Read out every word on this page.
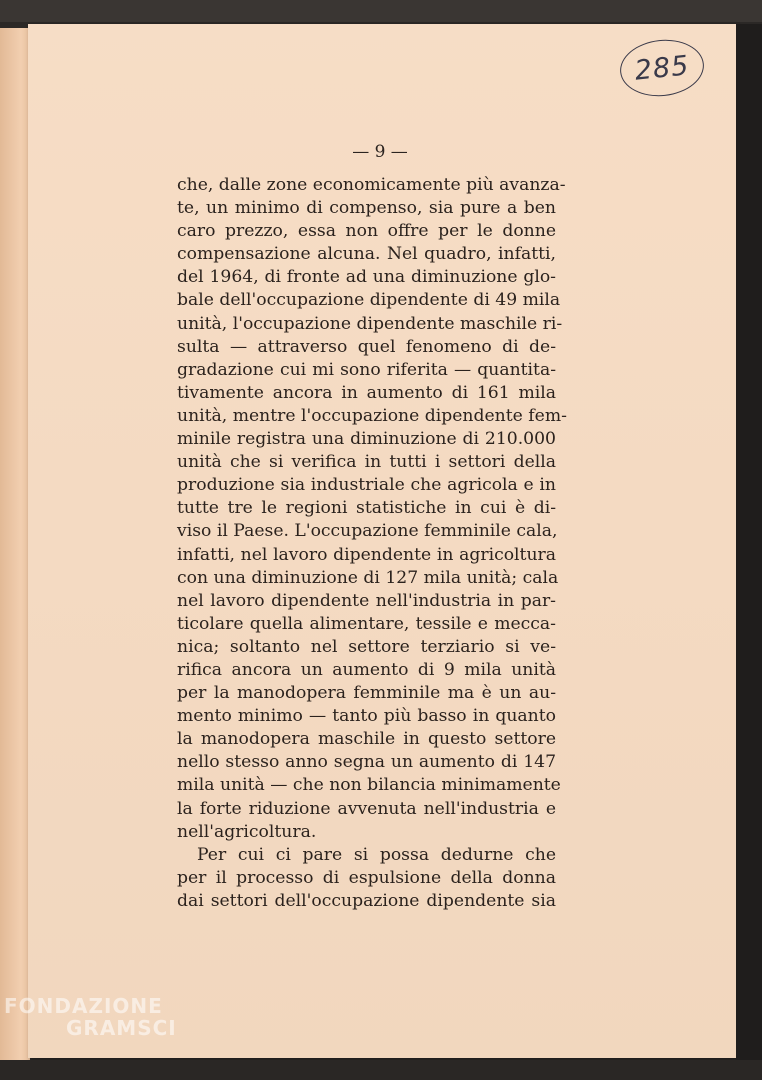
285
— 9 —

che, dalle zone economicamente più avanza-
te, un minimo di compenso, sia pure a ben
caro prezzo, essa non offre per le donne
compensazione alcuna. Nel quadro, infatti,
del 1964, di fronte ad una diminuzione glo-
bale dell'occupazione dipendente di 49 mila
unità, l'occupazione dipendente maschile ri-
sulta — attraverso quel fenomeno di de-
gradazione cui mi sono riferita — quantita-
tivamente ancora in aumento di 161 mila
unità, mentre l'occupazione dipendente fem-
minile registra una diminuzione di 210.000
unità che si verifica in tutti i settori della
produzione sia industriale che agricola e in
tutte tre le regioni statistiche in cui è di-
viso il Paese. L'occupazione femminile cala,
infatti, nel lavoro dipendente in agricoltura
con una diminuzione di 127 mila unità; cala
nel lavoro dipendente nell'industria in par-
ticolare quella alimentare, tessile e mecca-
nica; soltanto nel settore terziario si ve-
rifica ancora un aumento di 9 mila unità
per la manodopera femminile ma è un au-
mento minimo — tanto più basso in quanto
la manodopera maschile in questo settore
nello stesso anno segna un aumento di 147
mila unità — che non bilancia minimamente
la forte riduzione avvenuta nell'industria e
nell'agricoltura.

Per cui ci pare si possa dedurne che
per il processo di espulsione della donna
dai settori dell'occupazione dipendente sia

FONDAZIONE
GRAMSCI
